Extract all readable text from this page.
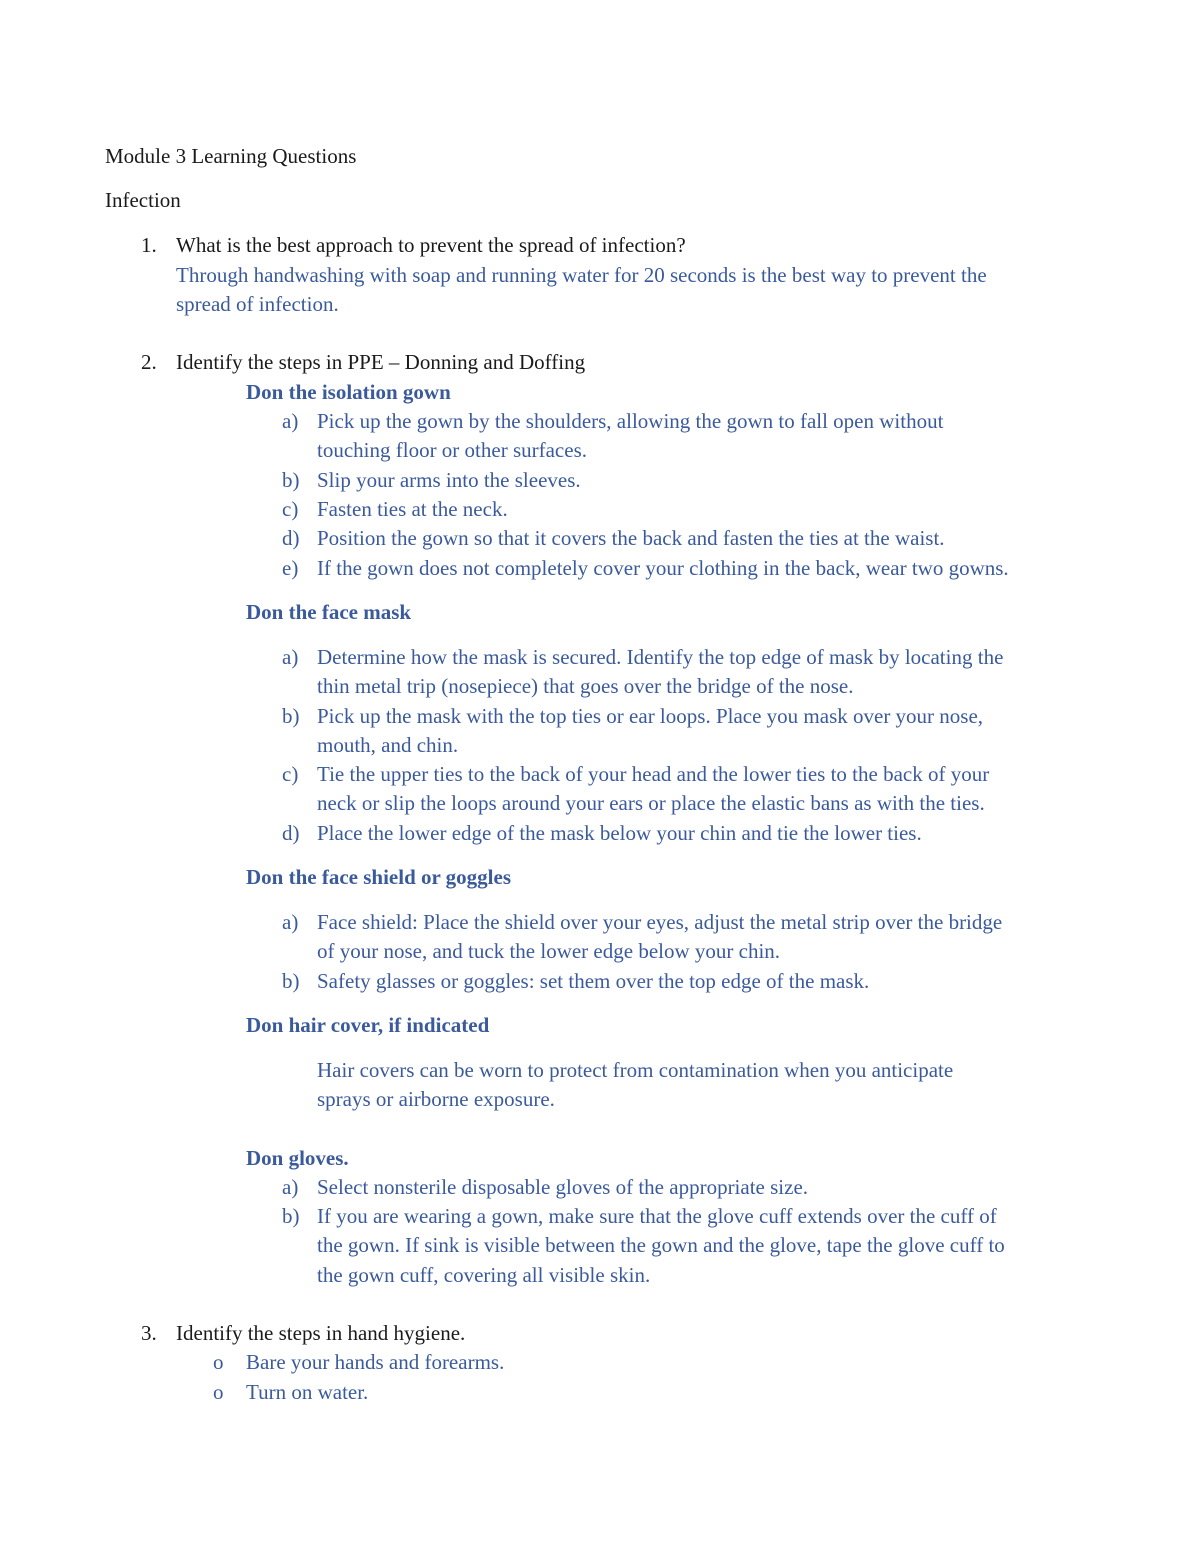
Module 3 Learning Questions
Infection
1. What is the best approach to prevent the spread of infection?
Through handwashing with soap and running water for 20 seconds is the best way to prevent the
spread of infection.
2. Identify the steps in PPE – Donning and Doffing
Don the isolation gown
a) Pick up the gown by the shoulders, allowing the gown to fall open without
touching floor or other surfaces.
b) Slip your arms into the sleeves.
c) Fasten ties at the neck.
d) Position the gown so that it covers the back and fasten the ties at the waist.
e) If the gown does not completely cover your clothing in the back, wear two gowns.
Don the face mask
a) Determine how the mask is secured. Identify the top edge of mask by locating the
thin metal trip (nosepiece) that goes over the bridge of the nose.
b) Pick up the mask with the top ties or ear loops. Place you mask over your nose,
mouth, and chin.
c) Tie the upper ties to the back of your head and the lower ties to the back of your
neck or slip the loops around your ears or place the elastic bans as with the ties.
d) Place the lower edge of the mask below your chin and tie the lower ties.
Don the face shield or goggles
a) Face shield: Place the shield over your eyes, adjust the metal strip over the bridge
of your nose, and tuck the lower edge below your chin.
b) Safety glasses or goggles: set them over the top edge of the mask.
Don hair cover, if indicated
Hair covers can be worn to protect from contamination when you anticipate
sprays or airborne exposure.
Don gloves.
a) Select nonsterile disposable gloves of the appropriate size.
b) If you are wearing a gown, make sure that the glove cuff extends over the cuff of
the gown. If sink is visible between the gown and the glove, tape the glove cuff to
the gown cuff, covering all visible skin.
3. Identify the steps in hand hygiene.
o Bare your hands and forearms.
o Turn on water.
